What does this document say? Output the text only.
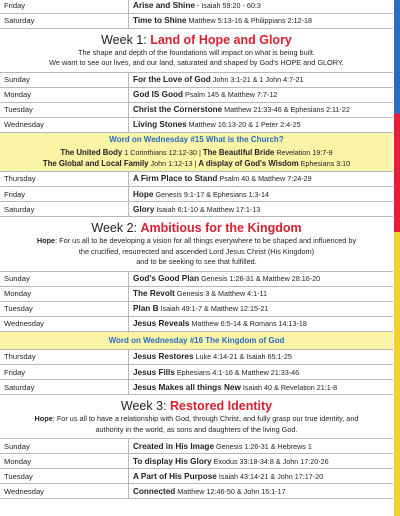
Friday	Arise and Shine - Isaiah 59:20 - 60:3
Saturday	Time to Shine Matthew 5:13-16 & Philippians 2:12-18
Week 1: Land of Hope and Glory
The shape and depth of the foundations will impact on what is being built.
We want to see our lives, and our land, saturated and shaped by God's HOPE and GLORY.
Sunday	For the Love of God John 3:1-21 & 1 John 4:7-21
Monday	God IS Good Psalm 145 & Matthew 7:7-12
Tuesday	Christ the Cornerstone Matthew 21:33-46 & Ephesians 2:11-22
Wednesday	Living Stones Matthew 16:13-20 & 1 Peter 2:4-25
Word on Wednesday #15 What is the Church?
The United Body 1 Corinthians 12:12-30 | The Beautiful Bride Revelation 19:7-9
The Global and Local Family John 1:12-13 | A display of God's Wisdom Ephesians 3:10
Thursday	A Firm Place to Stand Psalm 40 & Matthew 7:24-29
Friday	Hope Genesis 9:1-17 & Ephesians 1:3-14
Saturday	Glory Isaiah 6:1-10 & Matthew 17:1-13
Week 2: Ambitious for the Kingdom
Hope: For us all to be developing a vision for all things everywhere to be shaped and influenced by
the crucified, resurrected and ascended Lord Jesus Christ (His Kingdom)
and to be seeking to see that fulfilled.
Sunday	God's Good Plan Genesis 1:26-31 & Matthew 28:16-20
Monday	The Revolt Genesis 3 & Matthew 4:1-11
Tuesday	Plan B Isaiah 49:1-7 & Matthew 12:15-21
Wednesday	Jesus Reveals Matthew 6:5-14 & Romans 14:13-18
Word on Wednesday #16 The Kingdom of God
Thursday	Jesus Restores Luke 4:14-21 & Isaiah 65:1-25
Friday	Jesus Fills Ephesians 4:1-16 & Matthew 21:33-46
Saturday	Jesus Makes all things New Isaiah 40 & Revelation 21:1-8
Week 3: Restored Identity
Hope: For us all to have a relationship with God, through Christ, and fully grasp our true identity, and
authority in the world, as sons and daughters of the living God.
Sunday	Created in His Image Genesis 1:26-31 & Hebrews 1
Monday	To display His Glory Exodus 33:18-34:8 & John 17:20-26
Tuesday	A Part of His Purpose Isaiah 43:14-21 & John 17:17-20
Wednesday	Connected Matthew 12:46-50 & John 15:1-17
